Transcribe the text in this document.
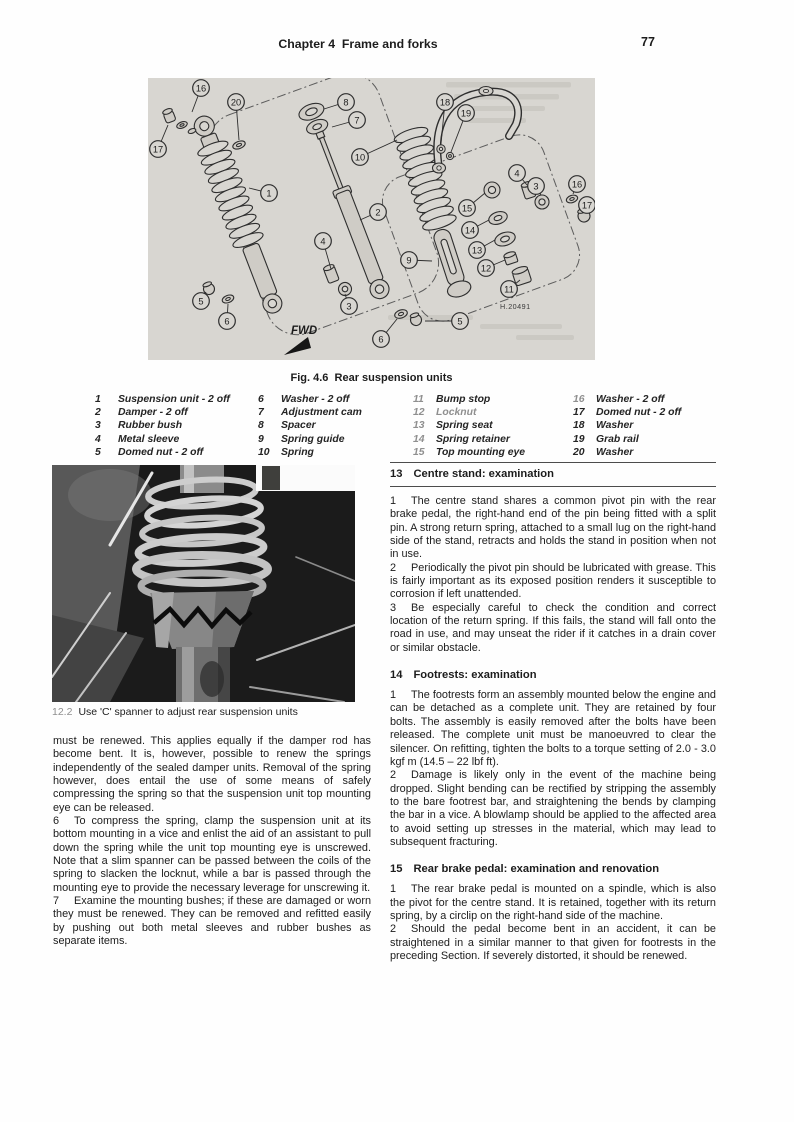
Chapter 4  Frame and forks	77
FWD
H.20491
16
20	8
7
17
10
18
19
1
2
4
3
5
6
6
5
9
15
14
13
12
11
4
3	16
17
Fig. 4.6  Rear suspension units
1 Suspension unit - 2 off
2 Damper - 2 off
3 Rubber bush
4 Metal sleeve
5 Domed nut - 2 off
6 Washer - 2 off
7 Adjustment cam
8 Spacer
9 Spring guide
10 Spring
11 Bump stop
12 Locknut
13 Spring seat
14 Spring retainer
15 Top mounting eye
16 Washer - 2 off
17 Domed nut - 2 off
18 Washer
19 Grab rail
20 Washer
12.2 Use 'C' spanner to adjust rear suspension units
must be renewed. This applies equally if the damper rod has become bent. It is, however, possible to renew the springs independently of the sealed damper units. Removal of the spring however, does entail the use of some means of safely compressing the spring so that the suspension unit top mounting eye can be released.
6 To compress the spring, clamp the suspension unit at its bottom mounting in a vice and enlist the aid of an assistant to pull down the spring while the unit top mounting eye is unscrewed. Note that a slim spanner can be passed between the coils of the spring to slacken the locknut, while a bar is passed through the mounting eye to provide the necessary leverage for unscrewing it.
7 Examine the mounting bushes; if these are damaged or worn they must be renewed. They can be removed and refitted easily by pushing out both metal sleeves and rubber bushes as separate items.
13 Centre stand: examination
1 The centre stand shares a common pivot pin with the rear brake pedal, the right-hand end of the pin being fitted with a split pin. A strong return spring, attached to a small lug on the right-hand side of the stand, retracts and holds the stand in position when not in use.
2 Periodically the pivot pin should be lubricated with grease. This is fairly important as its exposed position renders it susceptible to corrosion if left unattended.
3 Be especially careful to check the condition and correct location of the return spring. If this fails, the stand will fall onto the road in use, and may unseat the rider if it catches in a drain cover or similar obstacle.
14 Footrests: examination
1 The footrests form an assembly mounted below the engine and can be detached as a complete unit. They are retained by four bolts. The assembly is easily removed after the bolts have been released. The complete unit must be manoeuvred to clear the silencer. On refitting, tighten the bolts to a torque setting of 2.0 - 3.0 kgf m (14.5 – 22 lbf ft).
2 Damage is likely only in the event of the machine being dropped. Slight bending can be rectified by stripping the assembly to the bare footrest bar, and straightening the bends by clamping the bar in a vice. A blowlamp should be applied to the affected area to avoid setting up stresses in the material, which may lead to subsequent fracturing.
15 Rear brake pedal: examination and renovation
1 The rear brake pedal is mounted on a spindle, which is also the pivot for the centre stand. It is retained, together with its return spring, by a circlip on the right-hand side of the machine.
2 Should the pedal become bent in an accident, it can be straightened in a similar manner to that given for footrests in the preceding Section. If severely distorted, it should be renewed.
